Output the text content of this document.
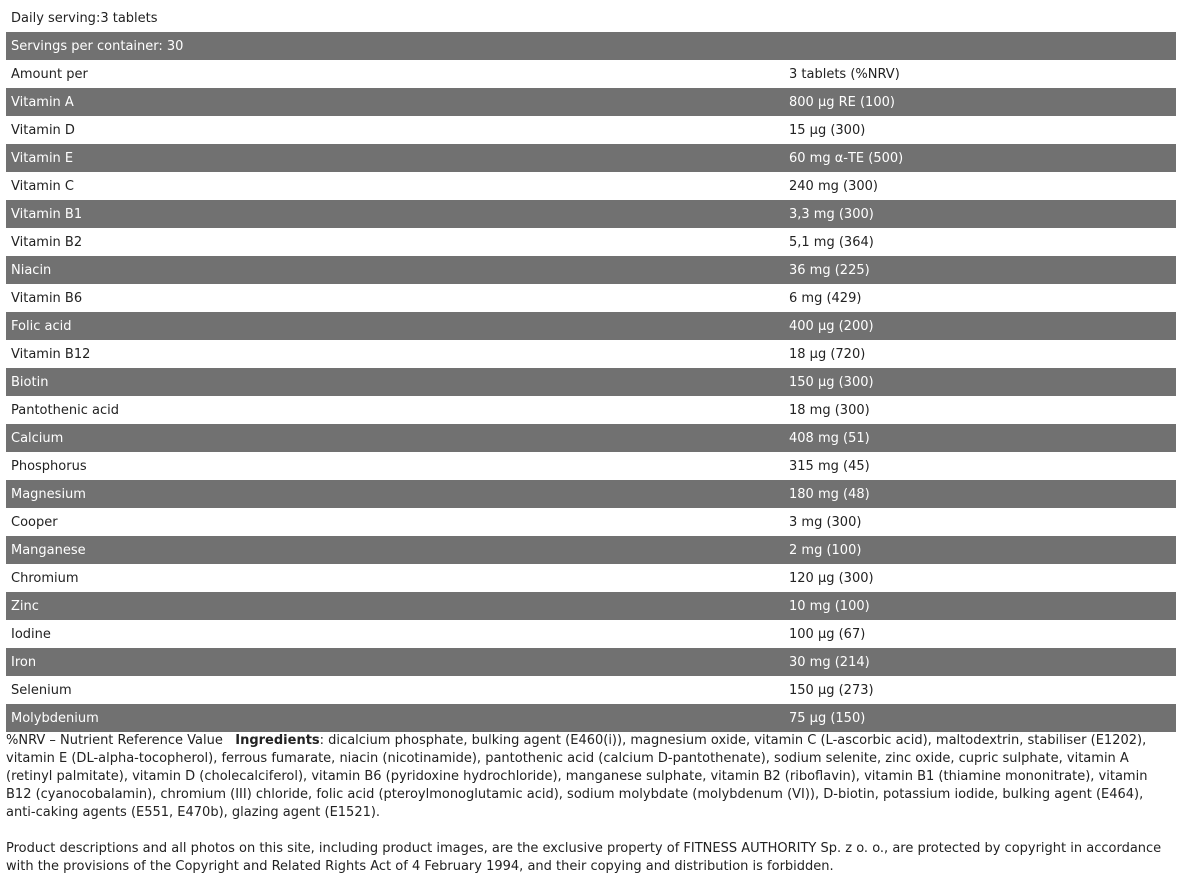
Daily serving:3 tablets
Servings per container: 30
Amount per	3 tablets (%NRV)
Vitamin A	800 µg RE (100)
Vitamin D	15 µg (300)
Vitamin E	60 mg α-TE (500)
Vitamin C	240 mg (300)
Vitamin B1	3,3 mg (300)
Vitamin B2	5,1 mg (364)
Niacin	36 mg (225)
Vitamin B6	6 mg (429)
Folic acid	400 µg (200)
Vitamin B12	18 µg (720)
Biotin	150 µg (300)
Pantothenic acid	18 mg (300)
Calcium	408 mg (51)
Phosphorus	315 mg (45)
Magnesium	180 mg (48)
Cooper	3 mg (300)
Manganese	2 mg (100)
Chromium	120 µg (300)
Zinc	10 mg (100)
Iodine	100 µg (67)
Iron	30 mg (214)
Selenium	150 µg (273)
Molybdenium	75 µg (150)

%NRV – Nutrient Reference Value Ingredients: dicalcium phosphate, bulking agent (E460(i)), magnesium oxide, vitamin C (L-ascorbic acid), maltodextrin, stabiliser (E1202), vitamin E (DL-alpha-tocopherol), ferrous fumarate, niacin (nicotinamide), pantothenic acid (calcium D-pantothenate), sodium selenite, zinc oxide, cupric sulphate, vitamin A (retinyl palmitate), vitamin D (cholecalciferol), vitamin B6 (pyridoxine hydrochloride), manganese sulphate, vitamin B2 (riboflavin), vitamin B1 (thiamine mononitrate), vitamin B12 (cyanocobalamin), chromium (III) chloride, folic acid (pteroylmonoglutamic acid), sodium molybdate (molybdenum (VI)), D-biotin, potassium iodide, bulking agent (E464), anti-caking agents (E551, E470b), glazing agent (E1521).

Product descriptions and all photos on this site, including product images, are the exclusive property of FITNESS AUTHORITY Sp. z o. o., are protected by copyright in accordance with the provisions of the Copyright and Related Rights Act of 4 February 1994, and their copying and distribution is forbidden.
